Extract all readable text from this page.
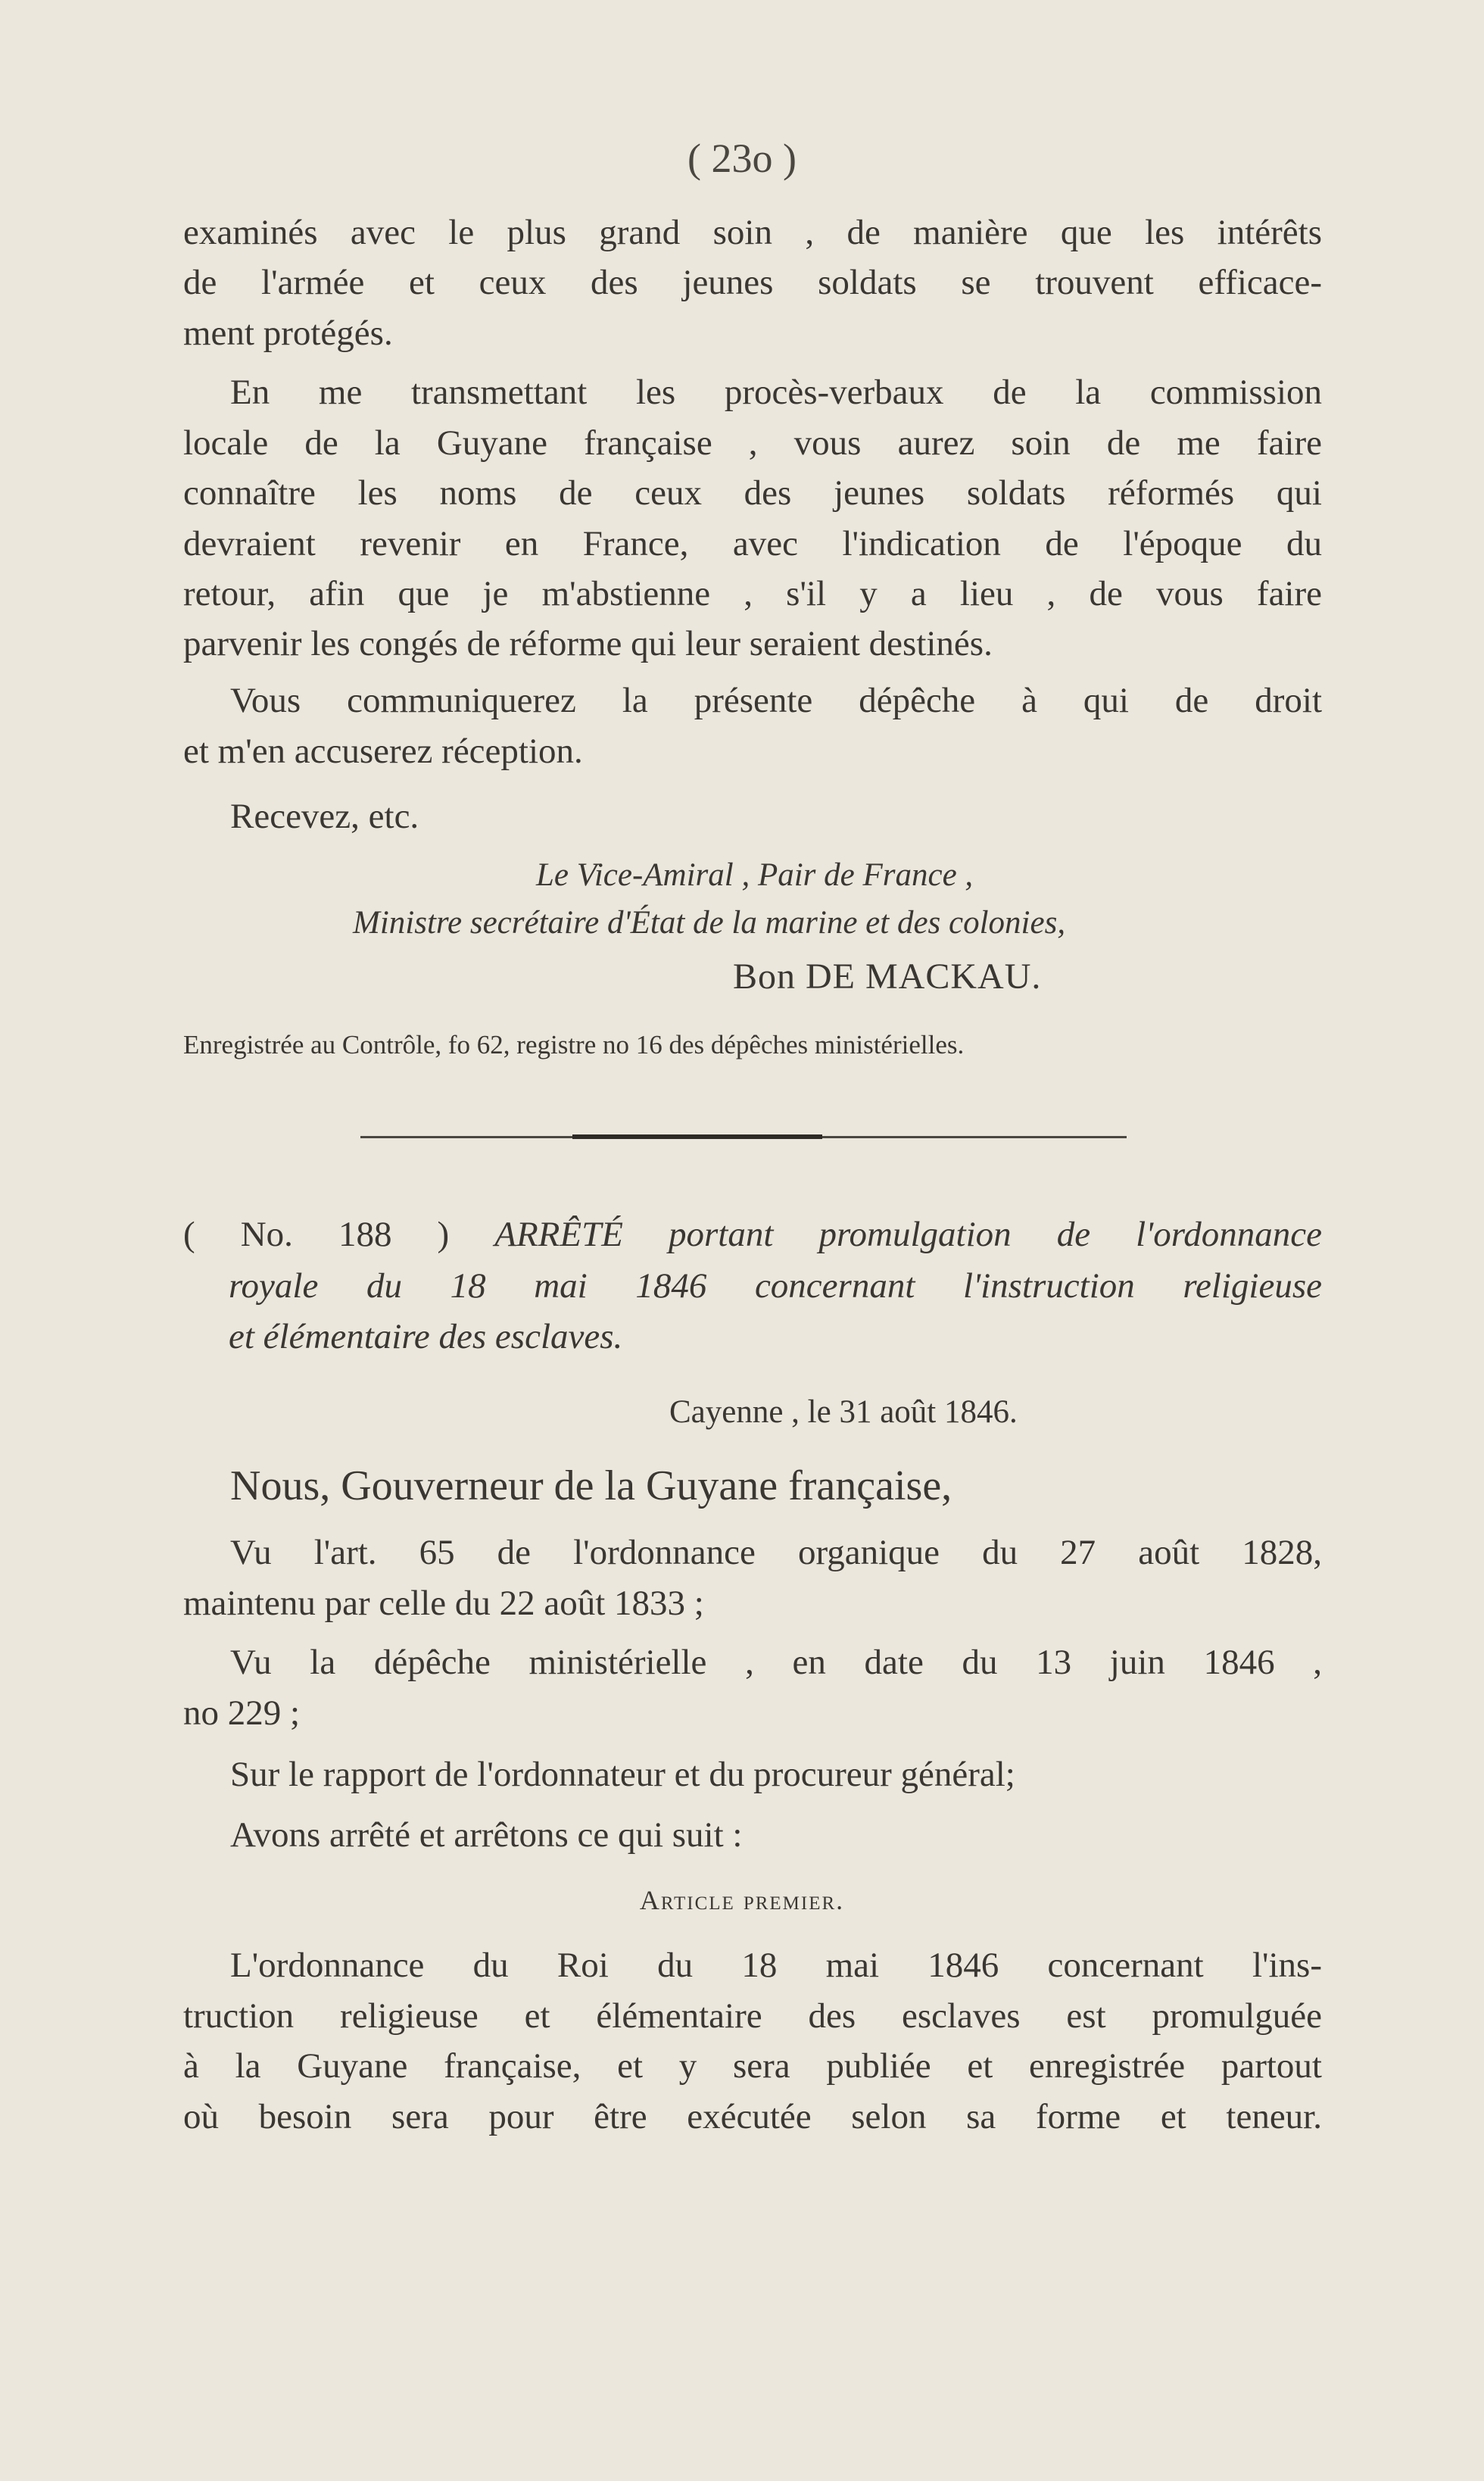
( 23o )
examinés avec le plus grand soin , de manière que les intérêts
de l'armée et ceux des jeunes soldats se trouvent efficace-
ment protégés.
En me transmettant les procès-verbaux de la commission
locale de la Guyane française , vous aurez soin de me faire
connaître les noms de ceux des jeunes soldats réformés qui
devraient revenir en France, avec l'indication de l'époque du
retour, afin que je m'abstienne , s'il y a lieu , de vous faire
parvenir les congés de réforme qui leur seraient destinés.
Vous communiquerez la présente dépêche à qui de droit
et m'en accuserez réception.
Recevez, etc.
Le Vice-Amiral , Pair de France ,
Ministre secrétaire d'État de la marine et des colonies,
Bon DE MACKAU.
Enregistrée au Contrôle, fo 62, registre no 16 des dépêches ministérielles.
( No. 188 ) ARRÊTÉ portant promulgation de l'ordonnance
royale du 18 mai 1846 concernant l'instruction religieuse
et élémentaire des esclaves.
Cayenne , le 31 août 1846.
Nous, Gouverneur de la Guyane française,
Vu l'art. 65 de l'ordonnance organique du 27 août 1828,
maintenu par celle du 22 août 1833 ;
Vu la dépêche ministérielle , en date du 13 juin 1846 ,
no 229 ;
Sur le rapport de l'ordonnateur et du procureur général;
Avons arrêté et arrêtons ce qui suit :
Article premier.
L'ordonnance du Roi du 18 mai 1846 concernant l'ins-
truction religieuse et élémentaire des esclaves est promulguée
à la Guyane française, et y sera publiée et enregistrée partout
où besoin sera pour être exécutée selon sa forme et teneur.
